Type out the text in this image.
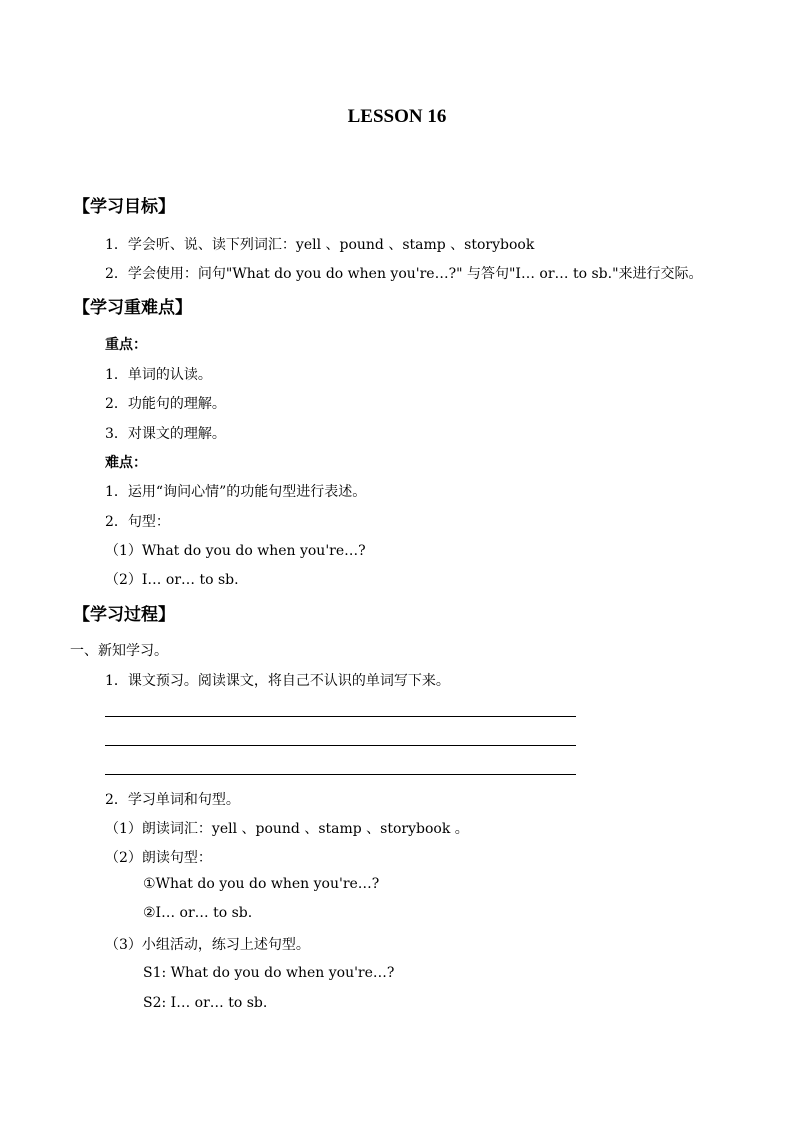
LESSON 16
【学习目标】
1．学会听、说、读下列词汇：yell 、pound 、stamp 、storybook
2．学会使用：问句"What do you do when you're…?" 与答句"I… or… to sb."来进行交际。
【学习重难点】
重点：
1．单词的认读。
2．功能句的理解。
3．对课文的理解。
难点：
1．运用“询问心情”的功能句型进行表述。
2．句型：
（1）What do you do when you're…?
（2）I… or… to sb.
【学习过程】
一、新知学习。
1．课文预习。阅读课文，将自己不认识的单词写下来。
2．学习单词和句型。
（1）朗读词汇：yell 、pound 、stamp 、storybook 。
（2）朗读句型：
①What do you do when you're…?
②I… or… to sb.
（3）小组活动，练习上述句型。
S1: What do you do when you're…?
S2: I… or… to sb.
